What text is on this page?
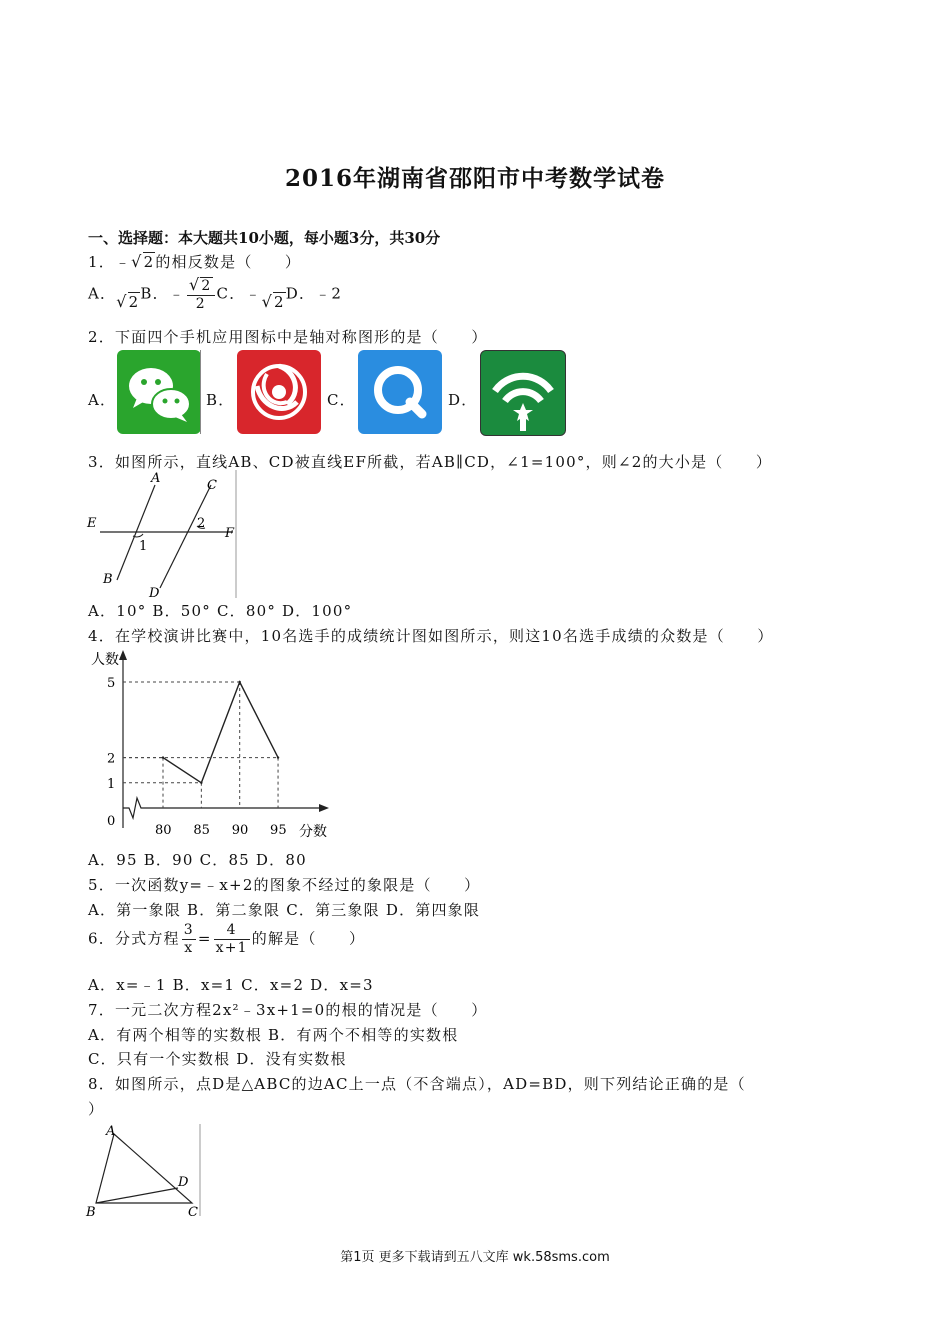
2016年湖南省邵阳市中考数学试卷
一、选择题：本大题共10小题，每小题3分，共30分
1．﹣√2的相反数是（　　）
A．√2B．﹣ $\frac{√2}{2}$ C．﹣√2D．﹣2
2．下面四个手机应用图标中是轴对称图形的是（　　）
A．	B．	C．	D．
3．如图所示，直线AB、CD被直线EF所截，若AB∥CD，∠1=100°，则∠2的大小是（　　）
A
B
C
D
E
F
1
2
A．10° B．50° C．80° D．100°
4．在学校演讲比赛中，10名选手的成绩统计图如图所示，则这10名选手成绩的众数是（　　）
人数
分数
0
80 85 90 95
1
2
5
A．95 B．90 C．85 D．80
5．一次函数y=﹣x+2的图象不经过的象限是（　　）
A．第一象限 B．第二象限 C．第三象限 D．第四象限
6．分式方程 $\frac{3}{x} = \frac{4}{x+1}$ 的解是（　　）
A．x=﹣1 B．x=1 C．x=2 D．x=3
7．一元二次方程2x²﹣3x+1=0的根的情况是（　　）
A．有两个相等的实数根 B．有两个不相等的实数根
C．只有一个实数根 D．没有实数根
8．如图所示，点D是△ABC的边AC上一点（不含端点），AD=BD，则下列结论正确的是（
）
A
B	C
D
第1页 更多下载请到五八文库 wk.58sms.com
